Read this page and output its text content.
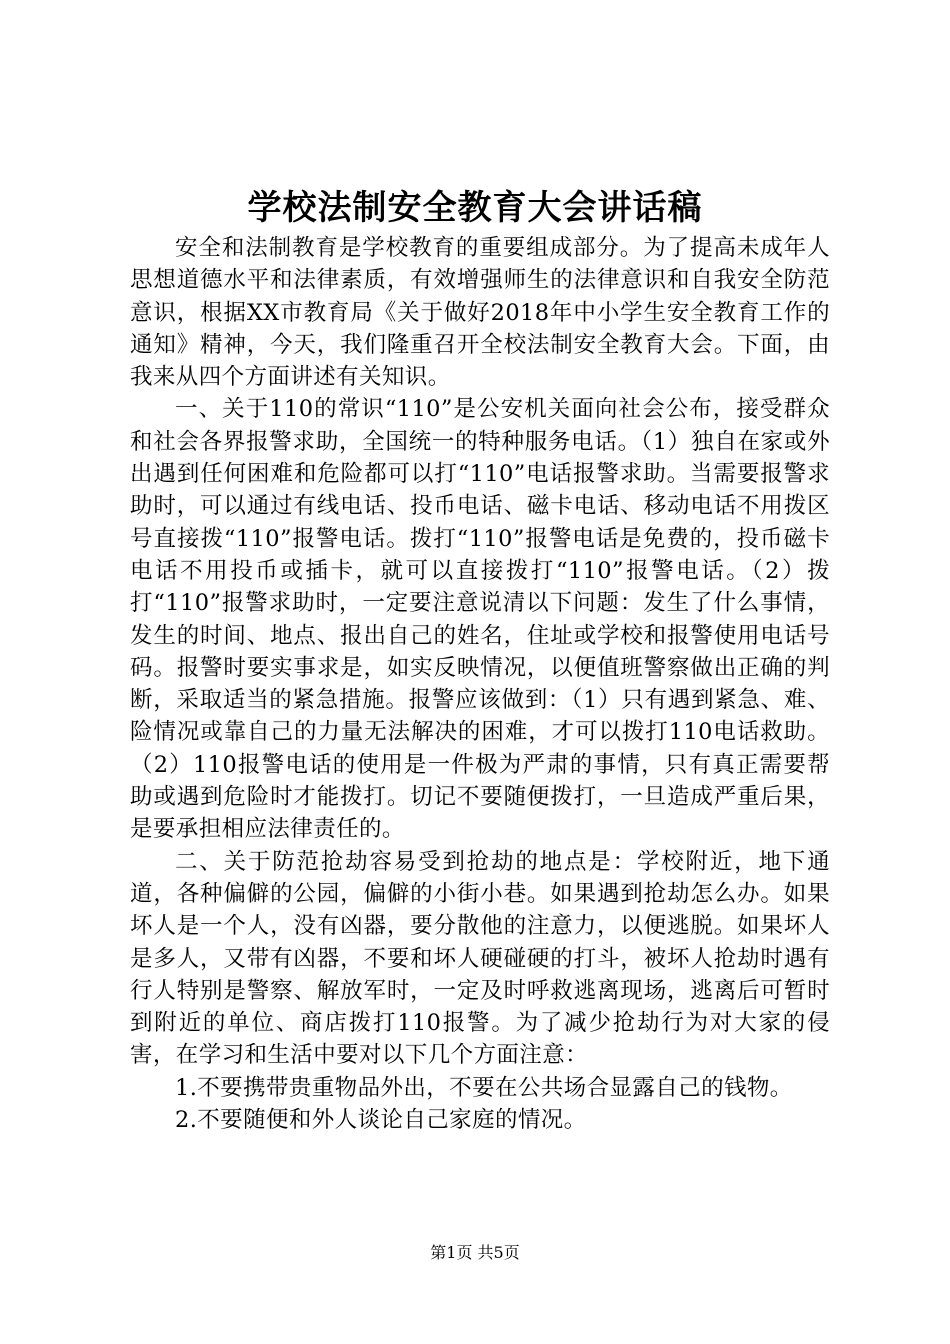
学校法制安全教育大会讲话稿

安全和法制教育是学校教育的重要组成部分。为了提高未成年人思想道德水平和法律素质，有效增强师生的法律意识和自我安全防范意识，根据XX市教育局《关于做好2018年中小学生安全教育工作的通知》精神，今天，我们隆重召开全校法制安全教育大会。下面，由我来从四个方面讲述有关知识。

一、关于110的常识“110”是公安机关面向社会公布，接受群众和社会各界报警求助，全国统一的特种服务电话。（1）独自在家或外出遇到任何困难和危险都可以打“110”电话报警求助。当需要报警求助时，可以通过有线电话、投币电话、磁卡电话、移动电话不用拨区号直接拨“110”报警电话。拨打“110”报警电话是免费的，投币磁卡电话不用投币或插卡，就可以直接拨打“110”报警电话。（2）拨打“110”报警求助时，一定要注意说清以下问题：发生了什么事情，发生的时间、地点、报出自己的姓名，住址或学校和报警使用电话号码。报警时要实事求是，如实反映情况，以便值班警察做出正确的判断，采取适当的紧急措施。报警应该做到：（1）只有遇到紧急、难、险情况或靠自己的力量无法解决的困难，才可以拨打110电话救助。（2）110报警电话的使用是一件极为严肃的事情，只有真正需要帮助或遇到危险时才能拨打。切记不要随便拨打，一旦造成严重后果，是要承担相应法律责任的。

二、关于防范抢劫容易受到抢劫的地点是：学校附近，地下通道，各种偏僻的公园，偏僻的小街小巷。如果遇到抢劫怎么办。如果坏人是一个人，没有凶器，要分散他的注意力，以便逃脱。如果坏人是多人，又带有凶器，不要和坏人硬碰硬的打斗，被坏人抢劫时遇有行人特别是警察、解放军时，一定及时呼救逃离现场，逃离后可暂时到附近的单位、商店拨打110报警。为了减少抢劫行为对大家的侵害，在学习和生活中要对以下几个方面注意：

1.不要携带贵重物品外出，不要在公共场合显露自己的钱物。

2.不要随便和外人谈论自己家庭的情况。

第1页 共5页
